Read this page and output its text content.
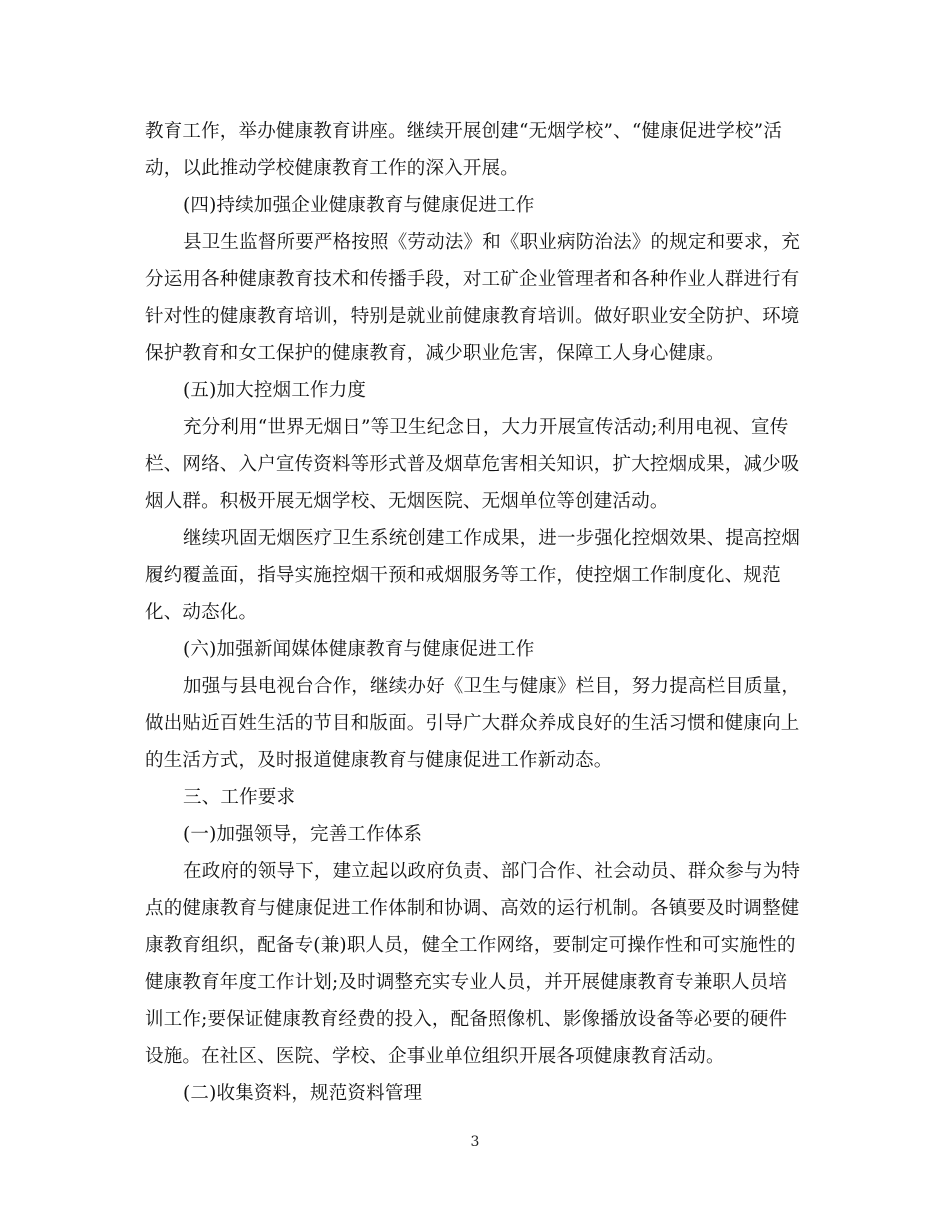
教育工作，举办健康教育讲座。继续开展创建“无烟学校”、“健康促进学校”活
动，以此推动学校健康教育工作的深入开展。
(四)持续加强企业健康教育与健康促进工作
县卫生监督所要严格按照《劳动法》和《职业病防治法》的规定和要求，充
分运用各种健康教育技术和传播手段，对工矿企业管理者和各种作业人群进行有
针对性的健康教育培训，特别是就业前健康教育培训。做好职业安全防护、环境
保护教育和女工保护的健康教育，减少职业危害，保障工人身心健康。
(五)加大控烟工作力度
充分利用“世界无烟日”等卫生纪念日，大力开展宣传活动;利用电视、宣传
栏、网络、入户宣传资料等形式普及烟草危害相关知识，扩大控烟成果，减少吸
烟人群。积极开展无烟学校、无烟医院、无烟单位等创建活动。
继续巩固无烟医疗卫生系统创建工作成果，进一步强化控烟效果、提高控烟
履约覆盖面，指导实施控烟干预和戒烟服务等工作，使控烟工作制度化、规范
化、动态化。
(六)加强新闻媒体健康教育与健康促进工作
加强与县电视台合作，继续办好《卫生与健康》栏目，努力提高栏目质量，
做出贴近百姓生活的节目和版面。引导广大群众养成良好的生活习惯和健康向上
的生活方式，及时报道健康教育与健康促进工作新动态。
三、工作要求
(一)加强领导，完善工作体系
在政府的领导下，建立起以政府负责、部门合作、社会动员、群众参与为特
点的健康教育与健康促进工作体制和协调、高效的运行机制。各镇要及时调整健
康教育组织，配备专(兼)职人员，健全工作网络，要制定可操作性和可实施性的
健康教育年度工作计划;及时调整充实专业人员，并开展健康教育专兼职人员培
训工作;要保证健康教育经费的投入，配备照像机、影像播放设备等必要的硬件
设施。在社区、医院、学校、企事业单位组织开展各项健康教育活动。
(二)收集资料，规范资料管理
3
